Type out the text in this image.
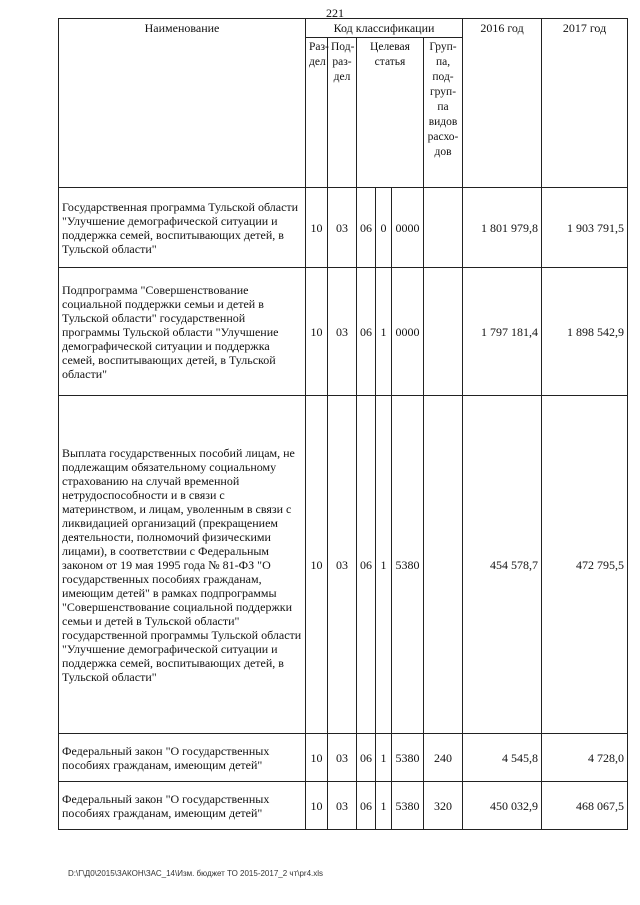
221
Наименование	Код классификации						2016 год	2017 год
	Раз-дел	Под-раз-дел	Целевая статья			Груп-па, под-груп-па видов расхо-дов		
Государственная программа Тульской области "Улучшение демографической ситуации и поддержка семей, воспитывающих детей, в Тульской области"	10	03	06	0	0000		1 801 979,8	1 903 791,5
Подпрограмма "Совершенствование социальной поддержки семьи и детей в Тульской области" государственной программы Тульской области "Улучшение демографической ситуации и поддержка семей, воспитывающих детей, в Тульской области"	10	03	06	1	0000		1 797 181,4	1 898 542,9
Выплата государственных пособий лицам, не подлежащим обязательному социальному страхованию на случай временной нетрудоспособности и в связи с материнством, и лицам, уволенным в связи с ликвидацией организаций (прекращением деятельности, полномочий физическими лицами), в соответствии с Федеральным законом от 19 мая 1995 года № 81-ФЗ "О государственных пособиях гражданам, имеющим детей" в рамках подпрограммы "Совершенствование социальной поддержки семьи и детей в Тульской области" государственной программы Тульской области "Улучшение демографической ситуации и поддержка семей, воспитывающих детей, в Тульской области"	10	03	06	1	5380		454 578,7	472 795,5
Федеральный закон "О государственных пособиях гражданам, имеющим детей"	10	03	06	1	5380	240	4 545,8	4 728,0
Федеральный закон "О государственных пособиях гражданам, имеющим детей"	10	03	06	1	5380	320	450 032,9	468 067,5
D:\Г\Д0\2015\ЗАКОН\ЗАС_14\Изм. бюджет ТО 2015-2017_2 чт\pr4.xls
